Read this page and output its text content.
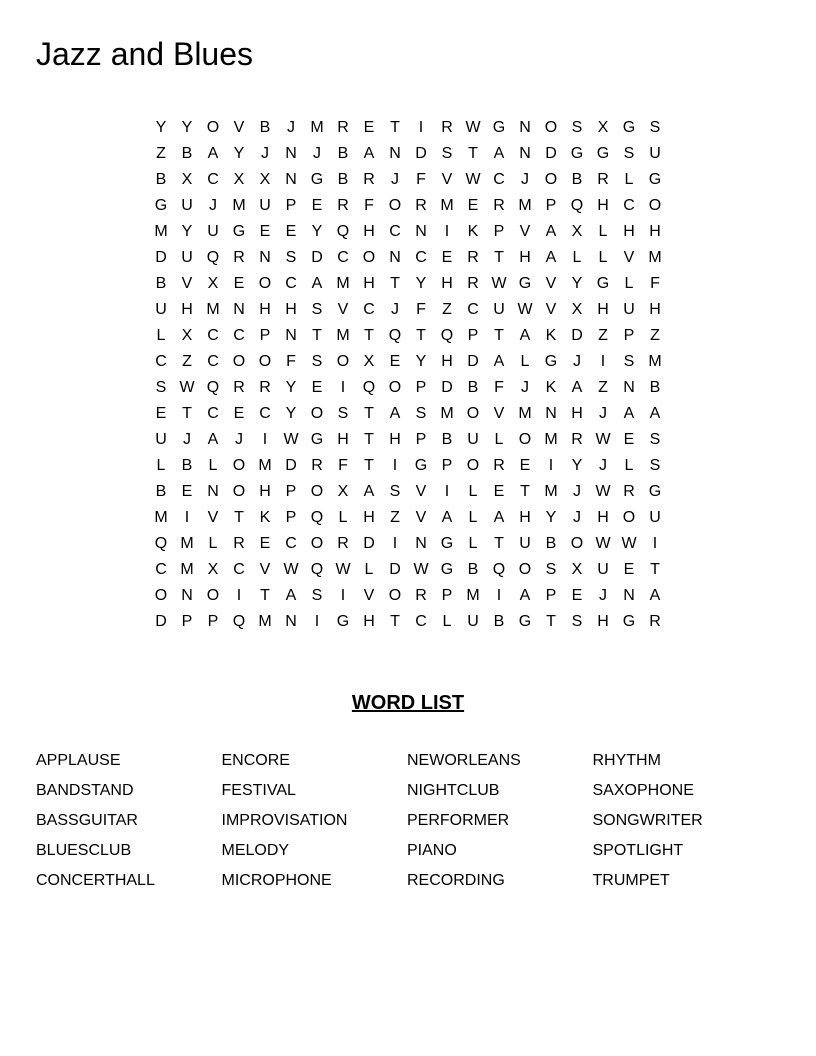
Jazz and Blues
Y Y O V B	J M R E T	I	R W G N O S X G S
Z B A Y	J	N	J	B A N D S T A N D G G S U
B X C X X N G B R	J	F V W C	J O B R L G
G U	J M U P E R F O R M E R M P Q H C O
M Y U G E E Y Q H C N	I	K P V A X	L H H
D U Q R N S D C O N C E R T H A	L	L	V M
B V X E O C A M H T Y H R W G V Y G L	F
U H M N H H S V C	J	F	Z C U W V X H U H
L	X C C P N T M T Q T Q P T A K D Z P Z
C Z C O O F S O X E Y H D A	L G J	I	S M
S W Q R R Y E	I	Q O P D B F	J	K A Z N B
E T C E C Y O S T A S M O V M N H	J	A A
U	J	A	J	I	W G H T H P B U L O M R W E S
L	B	L O M D R F	T	I	G P O R E	I	Y	J	L	S
B E N O H P O X A S V	I	L	E T M J W R G
M	I	V T K P Q L H Z V A	L	A H Y	J	H O U
Q M L R E C O R D	I	N G L	T U B O W W	I
C M X C V W Q W L D W G B Q O S X U E T
O N O	I	T A S	I	V O R P M	I	A P E	J	N A
D P P Q M N	I	G H T C L U B G T S H G R
WORD LIST
APPLAUSE	ENCORE	NEWORLEANS	RHYTHM
BANDSTAND	FESTIVAL	NIGHTCLUB	SAXOPHONE
BASSGUITAR	IMPROVISATION	PERFORMER	SONGWRITER
BLUESCLUB	MELODY	PIANO	SPOTLIGHT
CONCERTHALL	MICROPHONE	RECORDING	TRUMPET
